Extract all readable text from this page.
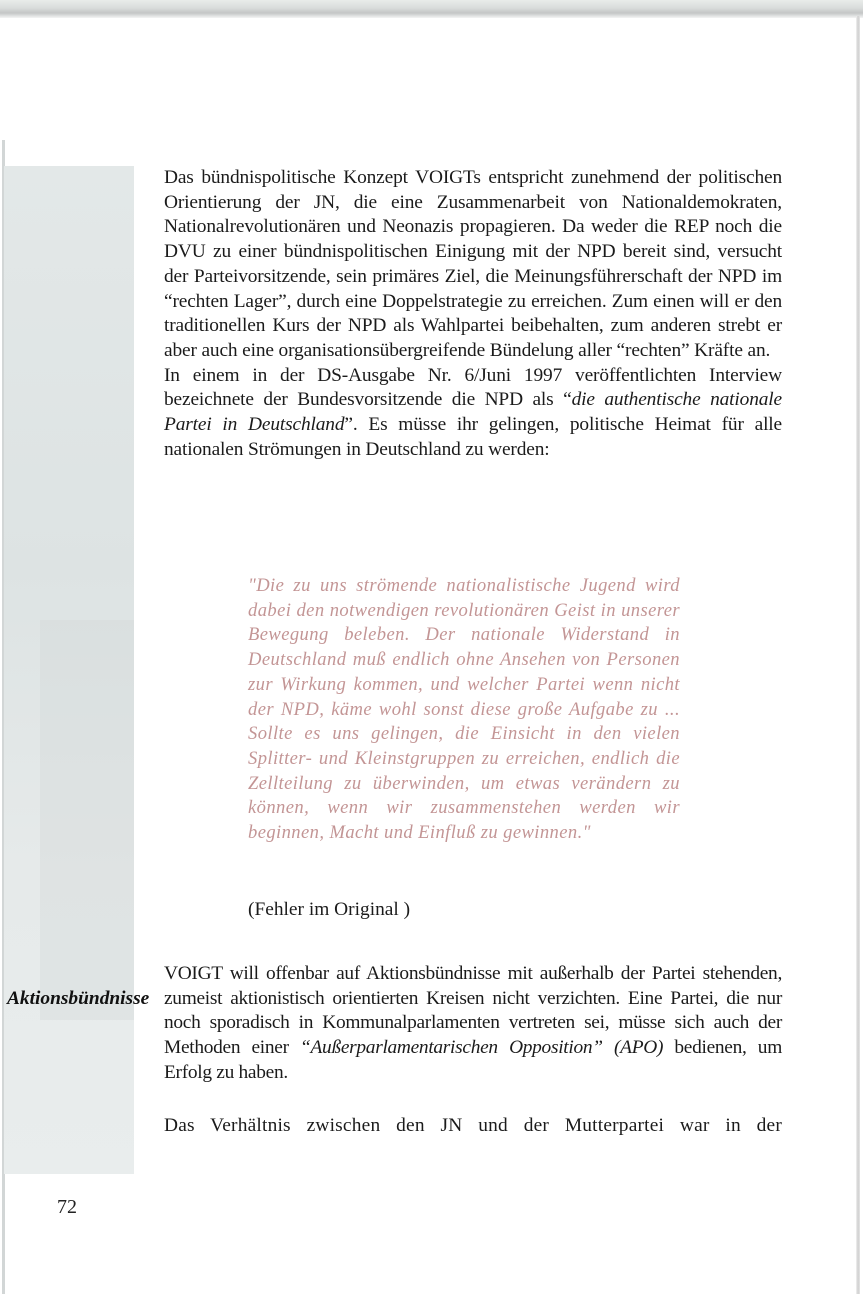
Das bündnispolitische Konzept VOIGTs entspricht zunehmend der politischen Orientierung der JN, die eine Zusammenarbeit von Nationaldemokraten, Nationalrevolutionären und Neonazis propagieren. Da weder die REP noch die DVU zu einer bündnispolitischen Einigung mit der NPD bereit sind, versucht der Parteivorsitzende, sein primäres Ziel, die Meinungsführerschaft der NPD im “rechten Lager”, durch eine Doppelstrategie zu erreichen. Zum einen will er den traditionellen Kurs der NPD als Wahlpartei beibehalten, zum anderen strebt er aber auch eine organisationsübergreifende Bündelung aller “rechten” Kräfte an.

In einem in der DS-Ausgabe Nr. 6/Juni 1997 veröffentlichten Interview bezeichnete der Bundesvorsitzende die NPD als “die authentische nationale Partei in Deutschland”. Es müsse ihr gelingen, politische Heimat für alle nationalen Strömungen in Deutschland zu werden:

"Die zu uns strömende nationalistische Jugend wird dabei den notwendigen revolutionären Geist in unserer Bewegung beleben. Der nationale Widerstand in Deutschland muß endlich ohne Ansehen von Personen zur Wirkung kommen, und welcher Partei wenn nicht der NPD, käme wohl sonst diese große Aufgabe zu ... Sollte es uns gelingen, die Einsicht in den vielen Splitter- und Kleinstgruppen zu erreichen, endlich die Zellteilung zu überwinden, um etwas verändern zu können, wenn wir zusammenstehen werden wir beginnen, Macht und Einfluß zu gewinnen."

(Fehler im Original )
Aktionsbündnisse

VOIGT will offenbar auf Aktionsbündnisse mit außerhalb der Partei stehenden, zumeist aktionistisch orientierten Kreisen nicht verzichten. Eine Partei, die nur noch sporadisch in Kommunalparlamenten vertreten sei, müsse sich auch der Methoden einer “Außerparlamentarischen Opposition” (APO) bedienen, um Erfolg zu haben.

Das Verhältnis zwischen den JN und der Mutterpartei war in der
72
